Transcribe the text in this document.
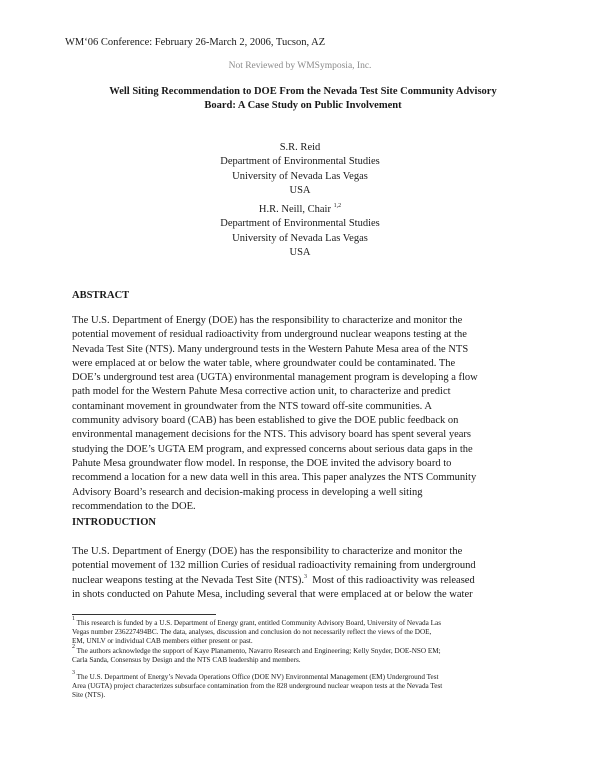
WM‘06 Conference: February 26-March 2, 2006, Tucson, AZ
Not Reviewed by WMSymposia, Inc.
Well Siting Recommendation to DOE From the Nevada Test Site Community Advisory
Board: A Case Study on Public Involvement
S.R. Reid
Department of Environmental Studies
University of Nevada Las Vegas
USA
H.R. Neill, Chair $^{1,2}$
Department of Environmental Studies
University of Nevada Las Vegas
USA
ABSTRACT
The U.S. Department of Energy (DOE) has the responsibility to characterize and monitor the
potential movement of residual radioactivity from underground nuclear weapons testing at the
Nevada Test Site (NTS). Many underground tests in the Western Pahute Mesa area of the NTS
were emplaced at or below the water table, where groundwater could be contaminated. The
DOE’s underground test area (UGTA) environmental management program is developing a flow
path model for the Western Pahute Mesa corrective action unit, to characterize and predict
contaminant movement in groundwater from the NTS toward off-site communities. A
community advisory board (CAB) has been established to give the DOE public feedback on
environmental management decisions for the NTS. This advisory board has spent several years
studying the DOE’s UGTA EM program, and expressed concerns about serious data gaps in the
Pahute Mesa groundwater flow model. In response, the DOE invited the advisory board to
recommend a location for a new data well in this area. This paper analyzes the NTS Community
Advisory Board’s research and decision-making process in developing a well siting
recommendation to the DOE.
INTRODUCTION
The U.S. Department of Energy (DOE) has the responsibility to characterize and monitor the
potential movement of 132 million Curies of residual radioactivity remaining from underground
nuclear weapons testing at the Nevada Test Site (NTS).$^3$  Most of this radioactivity was released
in shots conducted on Pahute Mesa, including several that were emplaced at or below the water
$^1$ This research is funded by a U.S. Department of Energy grant, entitled Community Advisory Board, University of Nevada Las
Vegas number 236227494BC. The data, analyses, discussion and conclusion do not necessarily reflect the views of the DOE,
EM, UNLV or individual CAB members either present or past.
$^2$ The authors acknowledge the support of Kaye Planamento, Navarro Research and Engineering; Kelly Snyder, DOE-NSO EM;
Carla Sanda, Consensus by Design and the NTS CAB leadership and members.
$^3$ The U.S. Department of Energy’s Nevada Operations Office (DOE NV) Environmental Management (EM) Underground Test
Area (UGTA) project characterizes subsurface contamination from the 828 underground nuclear weapon tests at the Nevada Test
Site (NTS).
